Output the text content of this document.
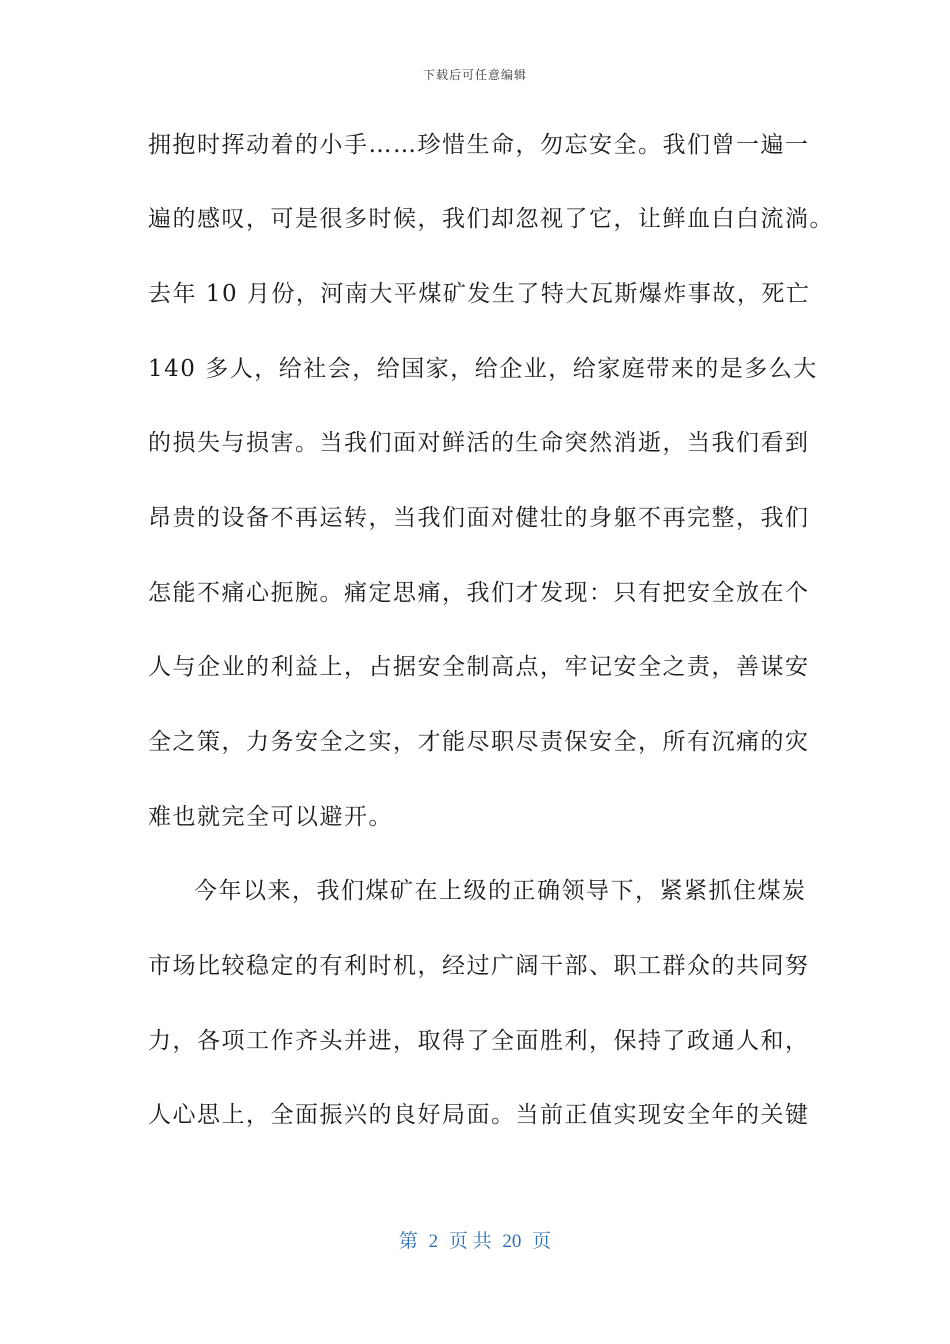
下载后可任意编辑
拥抱时挥动着的小手……珍惜生命，勿忘安全。我们曾一遍一
遍的感叹，可是很多时候，我们却忽视了它，让鲜血白白流淌。
去年 10 月份，河南大平煤矿发生了特大瓦斯爆炸事故，死亡
140 多人，给社会，给国家，给企业，给家庭带来的是多么大
的损失与损害。当我们面对鲜活的生命突然消逝，当我们看到
昂贵的设备不再运转，当我们面对健壮的身躯不再完整，我们
怎能不痛心扼腕。痛定思痛，我们才发现：只有把安全放在个
人与企业的利益上，占据安全制高点，牢记安全之责，善谋安
全之策，力务安全之实，才能尽职尽责保安全，所有沉痛的灾
难也就完全可以避开。
今年以来，我们煤矿在上级的正确领导下，紧紧抓住煤炭
市场比较稳定的有利时机，经过广阔干部、职工群众的共同努
力，各项工作齐头并进，取得了全面胜利，保持了政通人和，
人心思上，全面振兴的良好局面。当前正值实现安全年的关键
第 2 页 共 20 页
